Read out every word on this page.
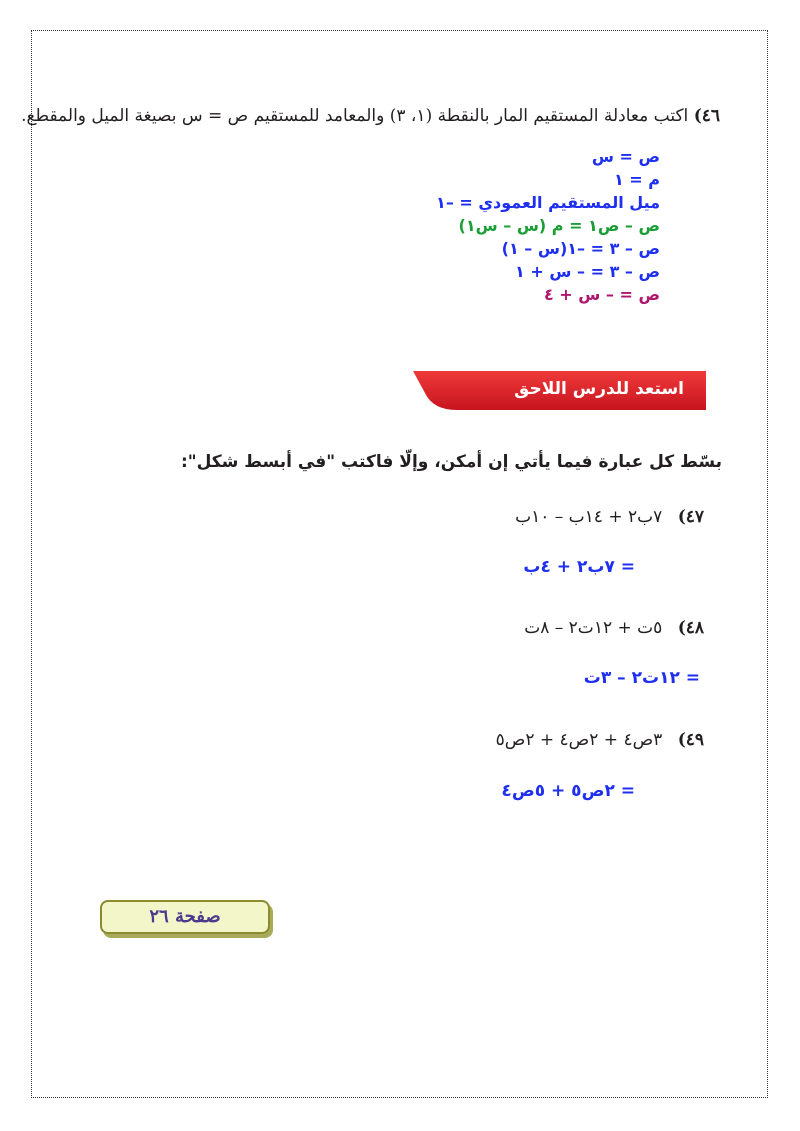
٤٦) اكتب معادلة المستقيم المار بالنقطة (١، ٣) والمعامد للمستقيم ص = س بصيغة الميل والمقطع.
ص = س
م = ١
ميل المستقيم العمودي = –١
ص – ص١ = م (س – س١)
ص – ٣ = –١(س – ١)
ص – ٣ = – س + ١
ص = – س + ٤
استعد للدرس اللاحق
بسّط كل عبارة فيما يأتي إن أمكن، وإلّا فاكتب "في أبسط شكل":
٤٧) ٧ب٢ + ١٤ب – ١٠ب
= ٧ب٢ + ٤ب
٤٨) ٥ت + ١٢ت٢ – ٨ت
= ١٢ت٢ – ٣ت
٤٩) ٣ص٤ + ٢ص٤ + ٢ص٥
= ٢ص٥ + ٥ص٤
صفحة ٢٦
